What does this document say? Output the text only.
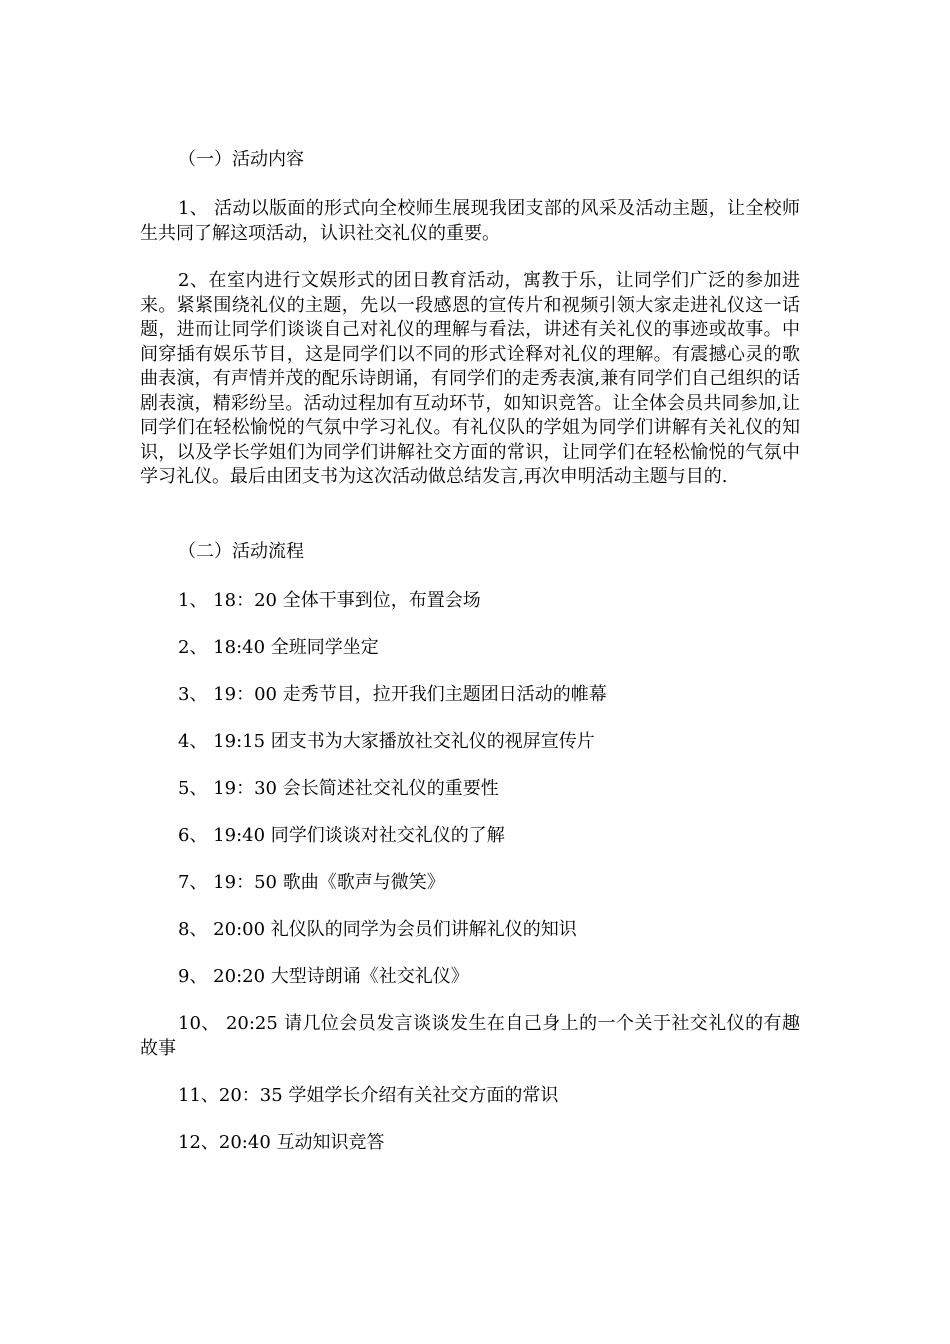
（一）活动内容

1、 活动以版面的形式向全校师生展现我团支部的风采及活动主题，让全校师生共同了解这项活动，认识社交礼仪的重要。

2、在室内进行文娱形式的团日教育活动，寓教于乐，让同学们广泛的参加进来。紧紧围绕礼仪的主题，先以一段感恩的宣传片和视频引领大家走进礼仪这一话题，进而让同学们谈谈自己对礼仪的理解与看法，讲述有关礼仪的事迹或故事。中间穿插有娱乐节目，这是同学们以不同的形式诠释对礼仪的理解。有震撼心灵的歌曲表演，有声情并茂的配乐诗朗诵，有同学们的走秀表演,兼有同学们自己组织的话剧表演，精彩纷呈。活动过程加有互动环节，如知识竞答。让全体会员共同参加,让同学们在轻松愉悦的气氛中学习礼仪。有礼仪队的学姐为同学们讲解有关礼仪的知识，以及学长学姐们为同学们讲解社交方面的常识，让同学们在轻松愉悦的气氛中学习礼仪。最后由团支书为这次活动做总结发言,再次申明活动主题与目的.

（二）活动流程

1、 18：20 全体干事到位，布置会场

2、 18:40 全班同学坐定

3、 19：00 走秀节目，拉开我们主题团日活动的帷幕

4、 19:15 团支书为大家播放社交礼仪的视屏宣传片

5、 19：30 会长简述社交礼仪的重要性

6、 19:40 同学们谈谈对社交礼仪的了解

7、 19：50 歌曲《歌声与微笑》

8、 20:00 礼仪队的同学为会员们讲解礼仪的知识

9、 20:20 大型诗朗诵《社交礼仪》

10、 20:25 请几位会员发言谈谈发生在自己身上的一个关于社交礼仪的有趣故事

11、20：35 学姐学长介绍有关社交方面的常识

12、20:40 互动知识竞答
